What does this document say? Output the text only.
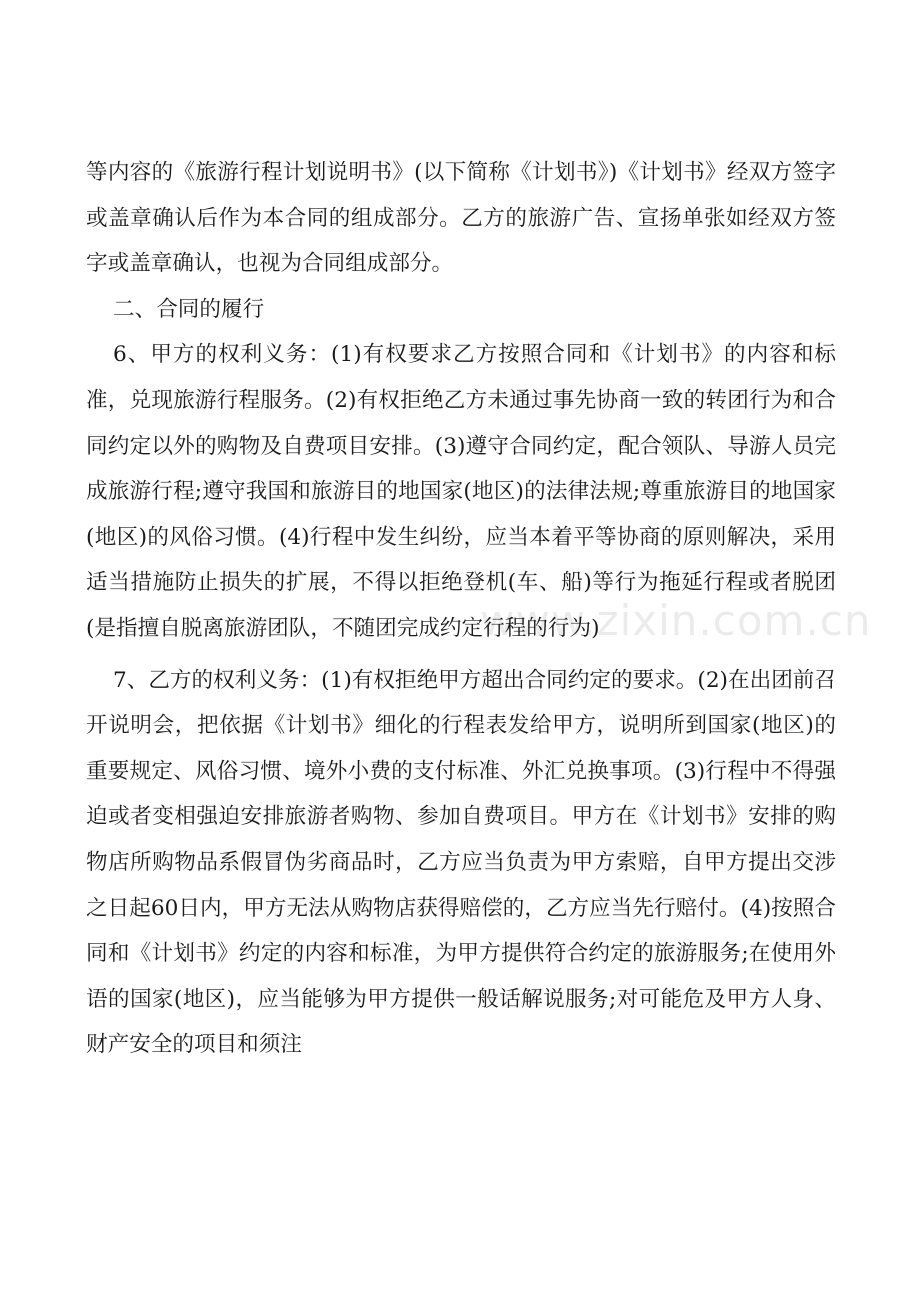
等内容的《旅游行程计划说明书》(以下简称《计划书》)《计划书》经双方签字或盖章确认后作为本合同的组成部分。乙方的旅游广告、宣扬单张如经双方签字或盖章确认，也视为合同组成部分。

二、合同的履行

6、甲方的权利义务：(1)有权要求乙方按照合同和《计划书》的内容和标准，兑现旅游行程服务。(2)有权拒绝乙方未通过事先协商一致的转团行为和合同约定以外的购物及自费项目安排。(3)遵守合同约定，配合领队、导游人员完成旅游行程;遵守我国和旅游目的地国家(地区)的法律法规;尊重旅游目的地国家(地区)的风俗习惯。(4)行程中发生纠纷，应当本着平等协商的原则解决，采用适当措施防止损失的扩展，不得以拒绝登机(车、船)等行为拖延行程或者脱团(是指擅自脱离旅游团队，不随团完成约定行程的行为)

7、乙方的权利义务：(1)有权拒绝甲方超出合同约定的要求。(2)在出团前召开说明会，把依据《计划书》细化的行程表发给甲方，说明所到国家(地区)的重要规定、风俗习惯、境外小费的支付标准、外汇兑换事项。(3)行程中不得强迫或者变相强迫安排旅游者购物、参加自费项目。甲方在《计划书》安排的购物店所购物品系假冒伪劣商品时，乙方应当负责为甲方索赔，自甲方提出交涉之日起60日内，甲方无法从购物店获得赔偿的，乙方应当先行赔付。(4)按照合同和《计划书》约定的内容和标准，为甲方提供符合约定的旅游服务;在使用外语的国家(地区)，应当能够为甲方提供一般话解说服务;对可能危及甲方人身、财产安全的项目和须注

www.zixin.com.cn
